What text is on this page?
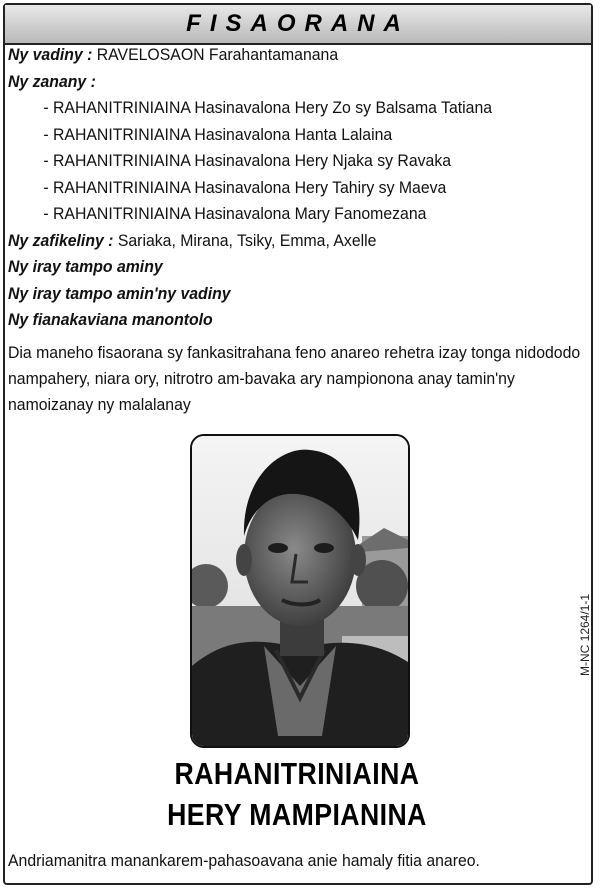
FISAORANA
Ny vadiny : RAVELOSAON Farahantamanana
Ny zanany :
- RAHANITRINIAINA Hasinavalona Hery Zo sy Balsama Tatiana
- RAHANITRINIAINA Hasinavalona Hanta Lalaina
- RAHANITRINIAINA Hasinavalona Hery Njaka sy Ravaka
- RAHANITRINIAINA Hasinavalona Hery Tahiry sy Maeva
- RAHANITRINIAINA Hasinavalona Mary Fanomezana
Ny zafikeliny : Sariaka, Mirana, Tsiky, Emma, Axelle
Ny iray tampo aminy
Ny iray tampo amin'ny vadiny
Ny fianakaviana manontolo
Dia maneho fisaorana sy fankasitrahana feno anareo rehetra izay tonga nidododo nampahery, niara ory, nitrotro am-bavaka ary nampionona anay tamin'ny namoizanay ny malalanay
RAHANITRINIAINA
HERY MAMPIANINA
Andriamanitra manankarem-pahasoavana anie hamaly fitia anareo.
M-NC 1264/1-1
